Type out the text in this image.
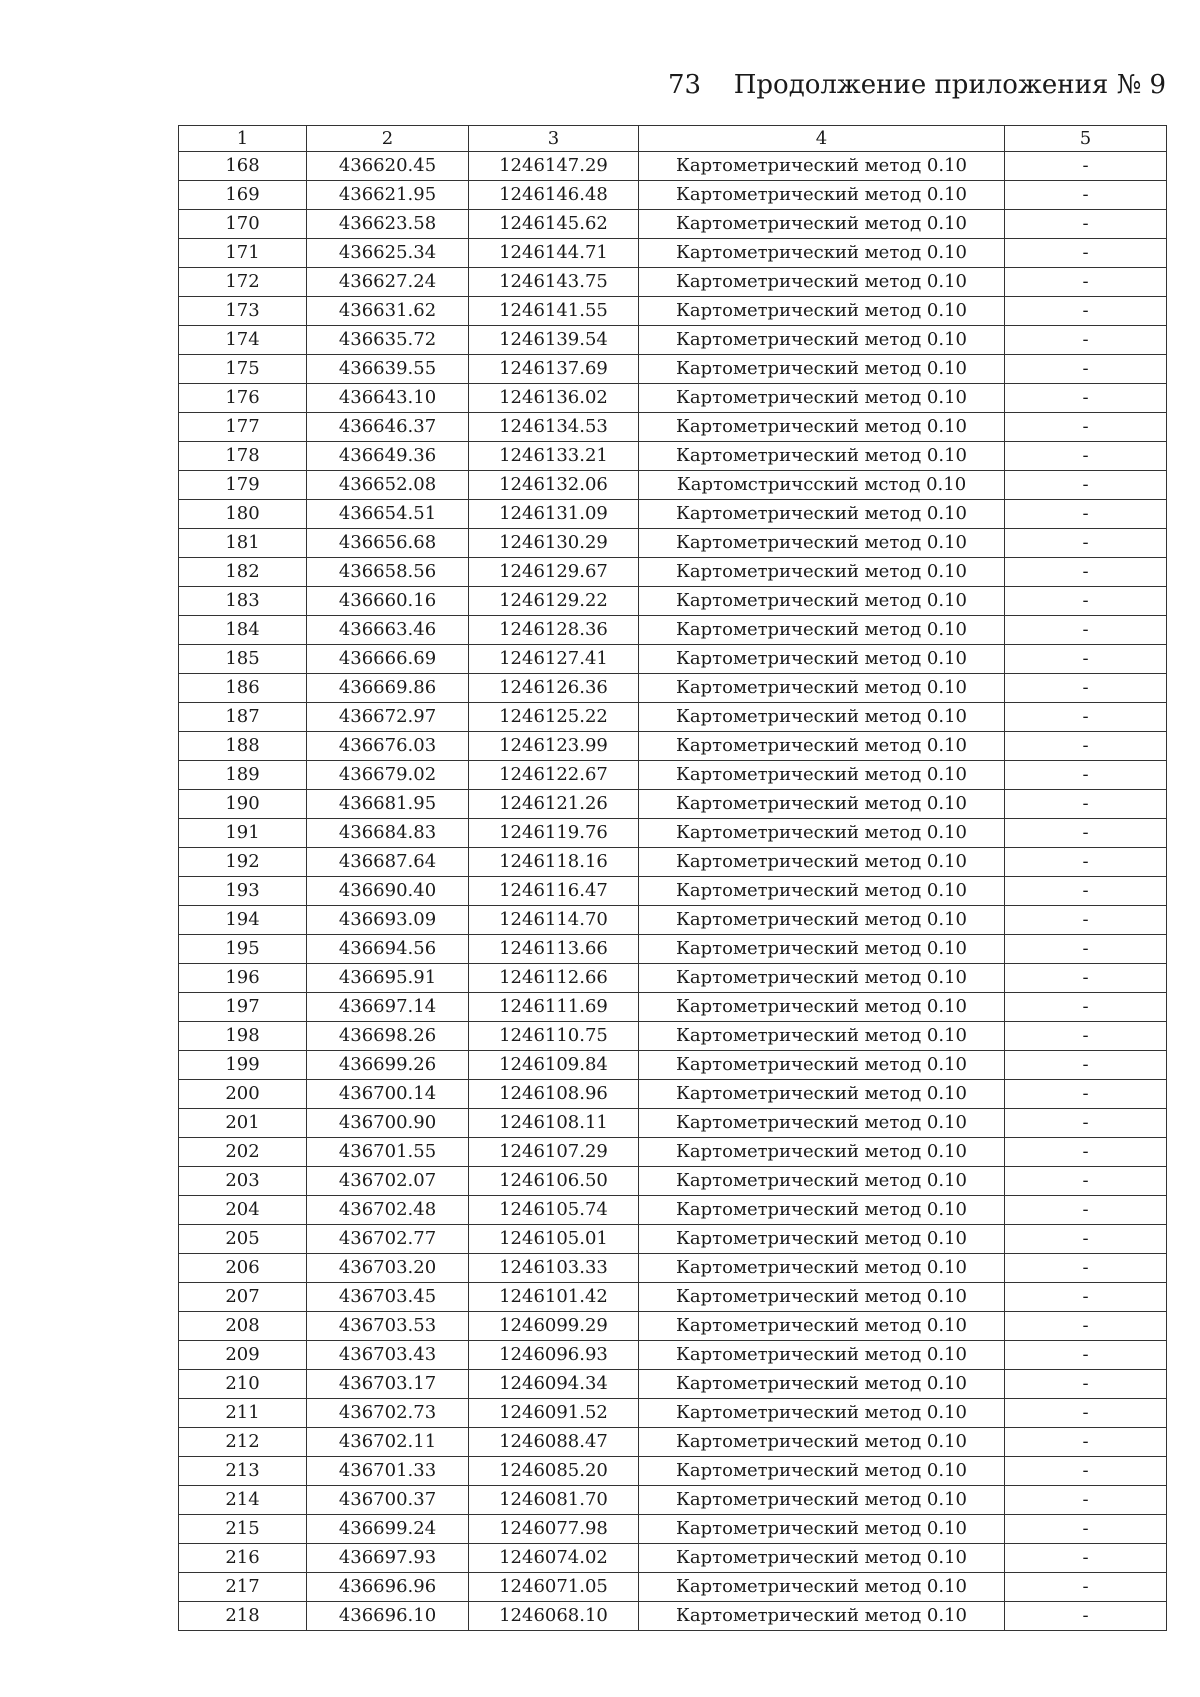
73 Продолжение приложения № 9
1	2	3	4	5
168	436620.45	1246147.29	Картометрический метод 0.10	-
169	436621.95	1246146.48	Картометрический метод 0.10	-
170	436623.58	1246145.62	Картометрический метод 0.10	-
171	436625.34	1246144.71	Картометрический метод 0.10	-
172	436627.24	1246143.75	Картометрический метод 0.10	-
173	436631.62	1246141.55	Картометрический метод 0.10	-
174	436635.72	1246139.54	Картометрический метод 0.10	-
175	436639.55	1246137.69	Картометрический метод 0.10	-
176	436643.10	1246136.02	Картометрический метод 0.10	-
177	436646.37	1246134.53	Картометрический метод 0.10	-
178	436649.36	1246133.21	Картометрический метод 0.10	-
179	436652.08	1246132.06	Картомстричсский мстод 0.10	-
180	436654.51	1246131.09	Картометрический метод 0.10	-
181	436656.68	1246130.29	Картометрический метод 0.10	-
182	436658.56	1246129.67	Картометрический метод 0.10	-
183	436660.16	1246129.22	Картометрический метод 0.10	-
184	436663.46	1246128.36	Картометрический метод 0.10	-
185	436666.69	1246127.41	Картометрический метод 0.10	-
186	436669.86	1246126.36	Картометрический метод 0.10	-
187	436672.97	1246125.22	Картометрический метод 0.10	-
188	436676.03	1246123.99	Картометрический метод 0.10	-
189	436679.02	1246122.67	Картометрический метод 0.10	-
190	436681.95	1246121.26	Картометрический метод 0.10	-
191	436684.83	1246119.76	Картометрический метод 0.10	-
192	436687.64	1246118.16	Картометрический метод 0.10	-
193	436690.40	1246116.47	Картометрический метод 0.10	-
194	436693.09	1246114.70	Картометрический метод 0.10	-
195	436694.56	1246113.66	Картометрический метод 0.10	-
196	436695.91	1246112.66	Картометрический метод 0.10	-
197	436697.14	1246111.69	Картометрический метод 0.10	-
198	436698.26	1246110.75	Картометрический метод 0.10	-
199	436699.26	1246109.84	Картометрический метод 0.10	-
200	436700.14	1246108.96	Картометрический метод 0.10	-
201	436700.90	1246108.11	Картометрический метод 0.10	-
202	436701.55	1246107.29	Картометрический метод 0.10	-
203	436702.07	1246106.50	Картометрический метод 0.10	-
204	436702.48	1246105.74	Картометрический метод 0.10	-
205	436702.77	1246105.01	Картометрический метод 0.10	-
206	436703.20	1246103.33	Картометрический метод 0.10	-
207	436703.45	1246101.42	Картометрический метод 0.10	-
208	436703.53	1246099.29	Картометрический метод 0.10	-
209	436703.43	1246096.93	Картометрический метод 0.10	-
210	436703.17	1246094.34	Картометрический метод 0.10	-
211	436702.73	1246091.52	Картометрический метод 0.10	-
212	436702.11	1246088.47	Картометрический метод 0.10	-
213	436701.33	1246085.20	Картометрический метод 0.10	-
214	436700.37	1246081.70	Картометрический метод 0.10	-
215	436699.24	1246077.98	Картометрический метод 0.10	-
216	436697.93	1246074.02	Картометрический метод 0.10	-
217	436696.96	1246071.05	Картометрический метод 0.10	-
218	436696.10	1246068.10	Картометрический метод 0.10	-
